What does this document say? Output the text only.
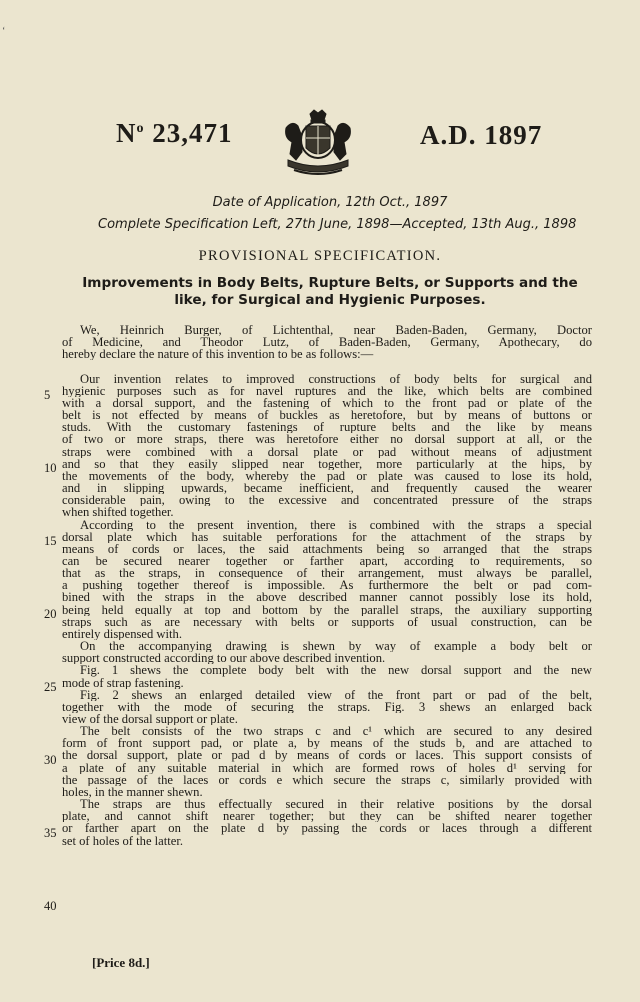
‘
$N^o$ 23,471	A.D. 1897
Date of Application, 12th Oct., 1897
Complete Specification Left, 27th June, 1898—Accepted, 13th Aug., 1898
PROVISIONAL SPECIFICATION.
Improvements in Body Belts, Rupture Belts, or Supports and the
like, for Surgical and Hygienic Purposes.
We, Heinrich Burger, of Lichtenthal, near Baden-Baden, Germany, Doctor
of Medicine, and Theodor Lutz, of Baden-Baden, Germany, Apothecary, do
hereby declare the nature of this invention to be as follows:—

Our invention relates to improved constructions of body belts for surgical and
hygienic purposes such as for navel ruptures and the like, which belts are combined
with a dorsal support, and the fastening of which to the front pad or plate of the
belt is not effected by means of buckles as heretofore, but by means of buttons or
studs. With the customary fastenings of rupture belts and the like by means
of two or more straps, there was heretofore either no dorsal support at all, or the
straps were combined with a dorsal plate or pad without means of adjustment
and so that they easily slipped near together, more particularly at the hips, by
the movements of the body, whereby the pad or plate was caused to lose its hold,
and in slipping upwards, became inefficient, and frequently caused the wearer
considerable pain, owing to the excessive and concentrated pressure of the straps
when shifted together.
According to the present invention, there is combined with the straps a special
dorsal plate which has suitable perforations for the attachment of the straps by
means of cords or laces, the said attachments being so arranged that the straps
can be secured nearer together or farther apart, according to requirements, so
that as the straps, in consequence of their arrangement, must always be parallel,
a pushing together thereof is impossible. As furthermore the belt or pad com-
bined with the straps in the above described manner cannot possibly lose its hold,
being held equally at top and bottom by the parallel straps, the auxiliary supporting
straps such as are necessary with belts or supports of usual construction, can be
entirely dispensed with.
On the accompanying drawing is shewn by way of example a body belt or
support constructed according to our above described invention.
Fig. 1 shews the complete body belt with the new dorsal support and the new
mode of strap fastening.
Fig. 2 shews an enlarged detailed view of the front part or pad of the belt,
together with the mode of securing the straps. Fig. 3 shews an enlarged back
view of the dorsal support or plate.
The belt consists of the two straps c and c¹ which are secured to any desired
form of front support pad, or plate a, by means of the studs b, and are attached to
the dorsal support, plate or pad d by means of cords or laces. This support consists of
a plate of any suitable material in which are formed rows of holes d¹ serving for
the passage of the laces or cords e which secure the straps c, similarly provided with
holes, in the manner shewn.
The straps are thus effectually secured in their relative positions by the dorsal
plate, and cannot shift nearer together; but they can be shifted nearer together
or farther apart on the plate d by passing the cords or laces through a different
set of holes of the latter.
5
10
15
20
25
30
35
40
[Price 8d.]
